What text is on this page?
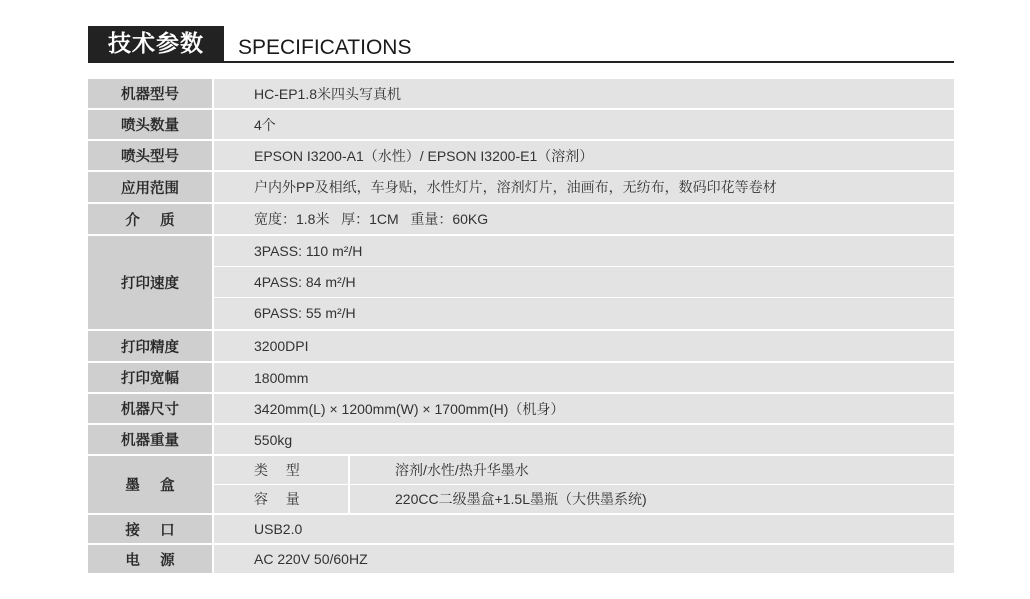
技术参数	SPECIFICATIONS
机器型号	HC-EP1.8米四头写真机
喷头数量	4个
喷头型号	EPSON I3200-A1（水性）/ EPSON I3200-E1（溶剂）
应用范围	户内外PP及相纸，车身贴，水性灯片，溶剂灯片，油画布，无纺布，数码印花等卷材
介    质	宽度：1.8米   厚：1CM   重量：60KG
打印速度
3PASS: 110 m²/H
4PASS: 84 m²/H
6PASS: 55 m²/H
打印精度	3200DPI
打印宽幅	1800mm
机器尺寸	3420mm(L) × 1200mm(W) × 1700mm(H)（机身）
机器重量	550kg
墨    盒
类    型	溶剂/水性/热升华墨水
容    量	220CC二级墨盒+1.5L墨瓶（大供墨系统)
接    口	USB2.0
电    源	AC 220V 50/60HZ
